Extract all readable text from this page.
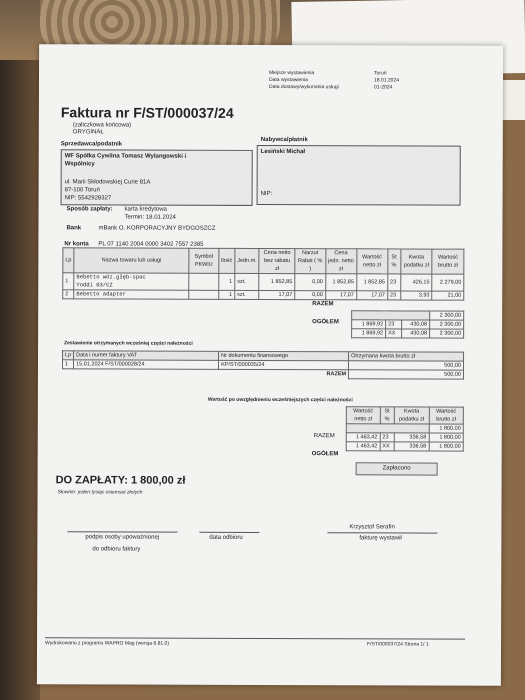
Miejsce wystawienia	Toruń
Data wystawienia	18.01.2024
Data dostawy/wykonania usługi	01-2024
Faktura nr F/ST/000037/24
(zaliczkowa końcowa)
ORYGINAŁ
Sprzedawca/podatnik
WF Spółka Cywilna Tomasz Wylangowski i
Wspólnicy
ul. Marii Skłodowskiej Curie 81A
87-100 Toruń
NIP: 5542928327
Nabywca/płatnik
Lesiński Michał
NIP:
Sposób zapłaty: karta kredytowa
Termin: 18.01.2024
Bank	mBank O. KORPORACYJNY BYDGOSZCZ
Nr konta PL 07 1140 2004 0000 3402 7557 2385
Lp	Nazwa towaru lub usługi	Symbol PKWiU	Ilość	Jedn.m.	Cena netto bez rabatu zł	Narzut Rabat ( % )	Cena jedn. netto zł	Wartość netto zł	St %	Kwota podatku zł	Wartość brutto zł
1	Bebetto wóz.głęb-spac
Yoddi 03/CZ		1	szt.	1 852,85	0,00	1 852,85	1 852,85	23	426,15	2 279,00
2	Bebetto adapter		1	szt.	17,07	0,00	17,07	17,07	23	3,93	21,00
RAZEM
			2 300,00
1 869,92	23	430,08	2 300,00
1 869,92	XX	430,08	2 300,00
OGÓŁEM
Zestawienie otrzymanych wcześniej części należności
Lp	Data i numer faktury VAT	Nr dokumentu finansowego	Otrzymana kwota brutto zł
1	15.01.2024 F/ST/000028/24	KP/ST/000035/24	500,00
RAZEM			500,00
Wartość po uwzględnieniu wcześniejszych części należności
Wartość netto zł	St %	Kwota podatku zł	Wartość brutto zł
			1 800,00
1 463,42	23	336,58	1 800,00
1 463,42	XX	336,58	1 800,00
RAZEM
OGÓŁEM
Zapłacono
DO ZAPŁATY: 1 800,00 zł
Słownie: jeden tysiąc osiemset złotych
Krzysztof Serafin
podpis osoby upoważnionej
do odbioru faktury
data odbioru	fakturę wystawił
Wydrukowano z programu WAPRO Mag (wersja 8.81.0)	F/ST/000037/24 Strona 1/ 1
